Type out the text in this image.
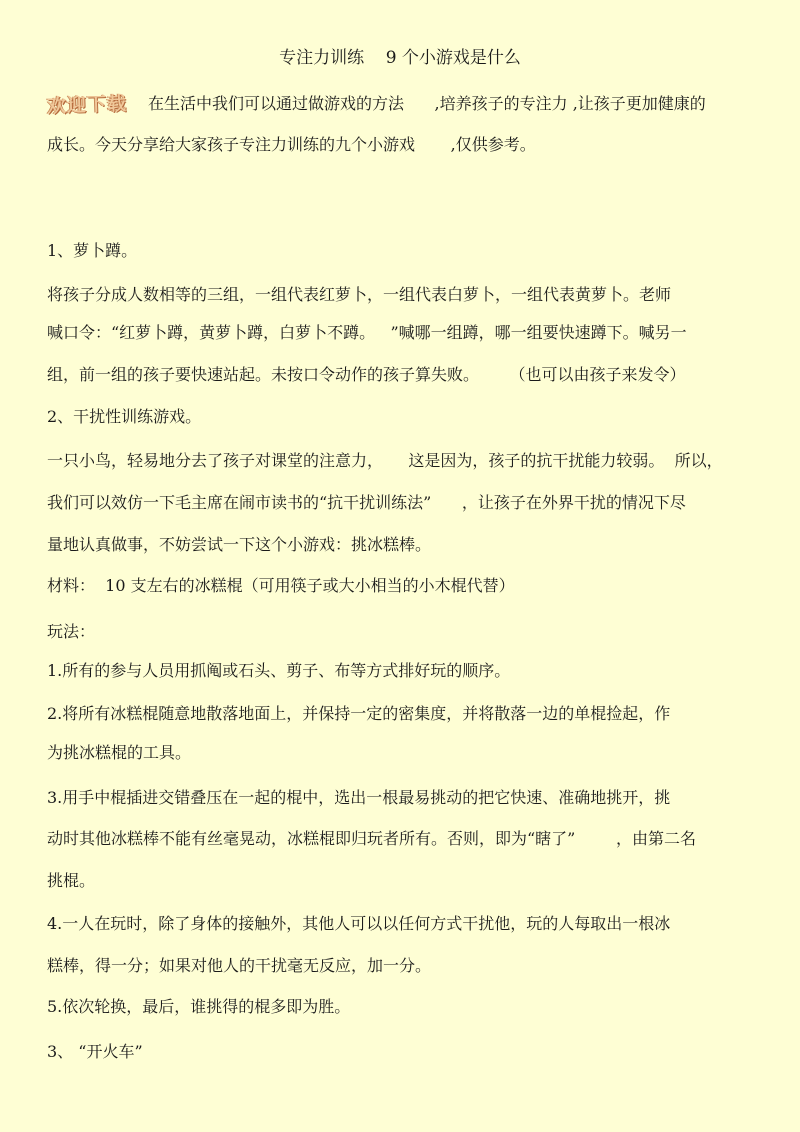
专注力训练    9 个小游戏是什么
欢迎下载 在生活中我们可以通过做游戏的方法      ,培养孩子的专注力 ,让孩子更加健康的
成长。今天分享给大家孩子专注力训练的九个小游戏       ,仅供参考。
1、萝卜蹲。
将孩子分成人数相等的三组，一组代表红萝卜，一组代表白萝卜，一组代表黄萝卜。老师
喊口令：“红萝卜蹲，黄萝卜蹲，白萝卜不蹲。   ”喊哪一组蹲，哪一组要快速蹲下。喊另一
组，前一组的孩子要快速站起。未按口令动作的孩子算失败。      （也可以由孩子来发令）
2、干扰性训练游戏。
一只小鸟，轻易地分去了孩子对课堂的注意力，     这是因为，孩子的抗干扰能力较弱。  所以，
我们可以效仿一下毛主席在闹市读书的“抗干扰训练法”      ，让孩子在外界干扰的情况下尽
量地认真做事，不妨尝试一下这个小游戏：挑冰糕棒。
材料：  10 支左右的冰糕棍（可用筷子或大小相当的小木棍代替）
玩法：
1.所有的参与人员用抓阄或石头、剪子、布等方式排好玩的顺序。
2.将所有冰糕棍随意地散落地面上，并保持一定的密集度，并将散落一边的单棍捡起，作
为挑冰糕棍的工具。
3.用手中棍插进交错叠压在一起的棍中，选出一根最易挑动的把它快速、准确地挑开，挑
动时其他冰糕棒不能有丝毫晃动，冰糕棍即归玩者所有。否则，即为“瞎了”        ，由第二名
挑棍。
4.一人在玩时，除了身体的接触外，其他人可以以任何方式干扰他，玩的人每取出一根冰
糕棒，得一分；如果对他人的干扰毫无反应，加一分。
5.依次轮换，最后，谁挑得的棍多即为胜。
3、 “开火车”
